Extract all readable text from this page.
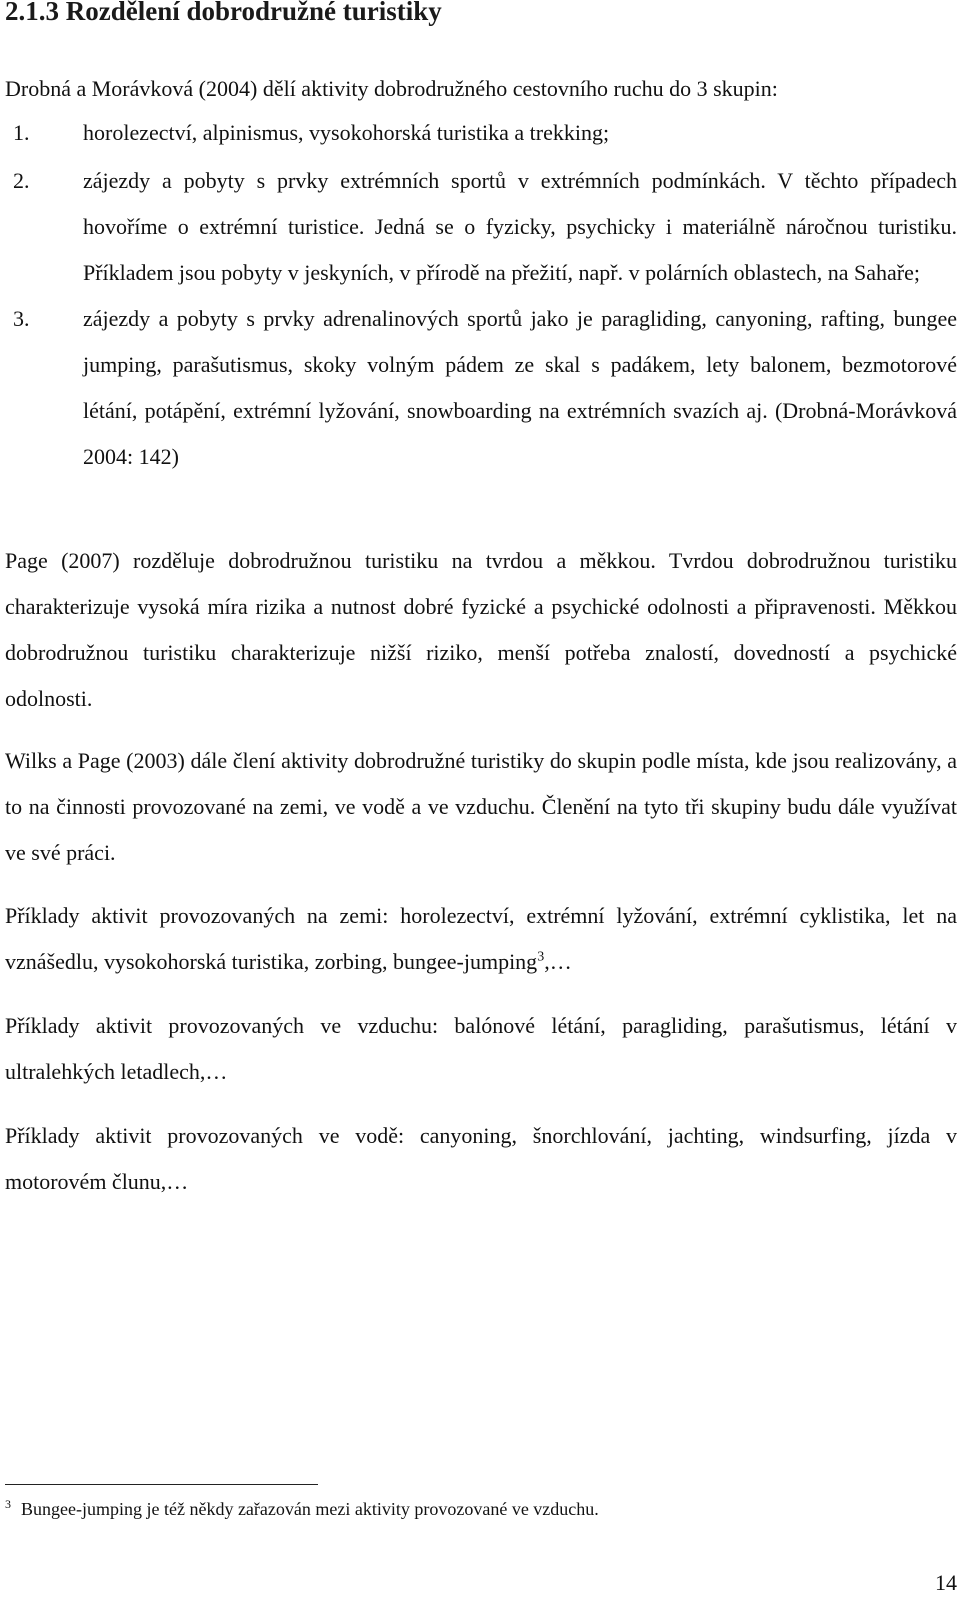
2.1.3 Rozdělení dobrodružné turistiky

Drobná a Morávková (2004) dělí aktivity dobrodružného cestovního ruchu do 3 skupin:

1. horolezectví, alpinismus, vysokohorská turistika a trekking;
2. zájezdy a pobyty s prvky extrémních sportů v extrémních podmínkách. V těchto případech hovoříme o extrémní turistice. Jedná se o fyzicky, psychicky i materiálně náročnou turistiku. Příkladem jsou pobyty v jeskyních, v přírodě na přežití, např. v polárních oblastech, na Sahaře;
3. zájezdy a pobyty s prvky adrenalinových sportů jako je paragliding, canyoning, rafting, bungee jumping, parašutismus, skoky volným pádem ze skal s padákem, lety balonem, bezmotorové létání, potápění, extrémní lyžování, snowboarding na extrémních svazích aj. (Drobná-Morávková 2004: 142)

Page (2007) rozděluje dobrodružnou turistiku na tvrdou a měkkou. Tvrdou dobrodružnou turistiku charakterizuje vysoká míra rizika a nutnost dobré fyzické a psychické odolnosti a připravenosti. Měkkou dobrodružnou turistiku charakterizuje nižší riziko, menší potřeba znalostí, dovedností a psychické odolnosti.

Wilks a Page (2003) dále člení aktivity dobrodružné turistiky do skupin podle místa, kde jsou realizovány, a to na činnosti provozované na zemi, ve vodě a ve vzduchu. Členění na tyto tři skupiny budu dále využívat ve své práci.

Příklady aktivit provozovaných na zemi: horolezectví, extrémní lyžování, extrémní cyklistika, let na vznášedlu, vysokohorská turistika, zorbing, bungee-jumping$^3$,…

Příklady aktivit provozovaných ve vzduchu: balónové létání, paragliding, parašutismus, létání v ultralehkých letadlech,…

Příklady aktivit provozovaných ve vodě: canyoning, šnorchlování, jachting, windsurfing, jízda v motorovém člunu,…

$^3$ Bungee-jumping je též někdy zařazován mezi aktivity provozované ve vzduchu.

14
